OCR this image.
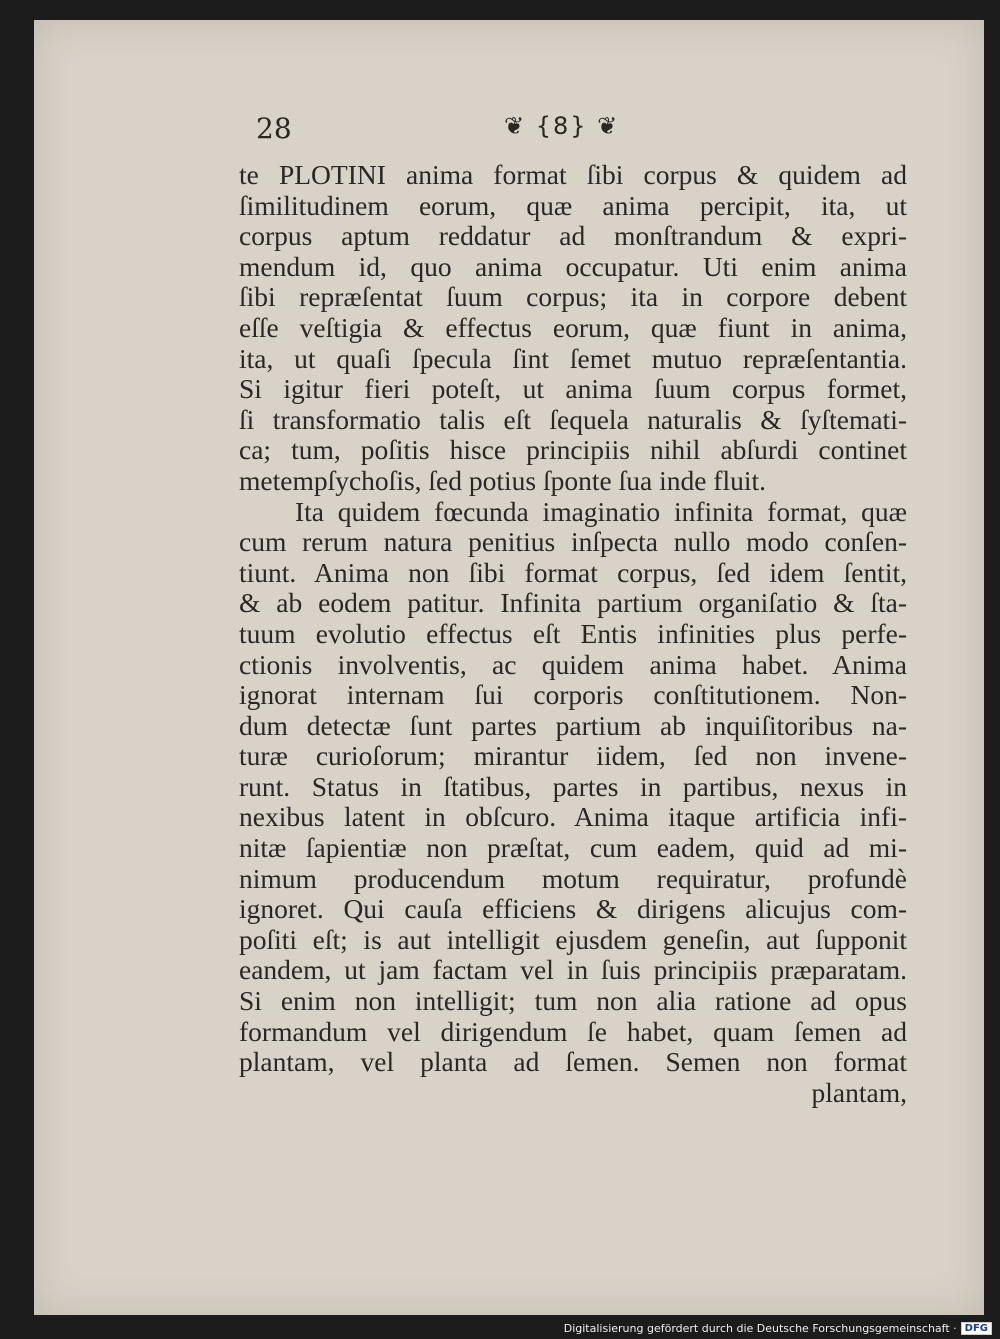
28	❦ {8} ❦

te PLOTINI anima format ſibi corpus & quidem ad

ſimilitudinem eorum, quæ anima percipit, ita, ut

corpus aptum reddatur ad monſtrandum & expri-

mendum id, quo anima occupatur. Uti enim anima

ſibi repræſentat ſuum corpus; ita in corpore debent

eſſe veſtigia & effectus eorum, quæ fiunt in anima,

ita, ut quaſi ſpecula ſint ſemet mutuo repræſentantia.

Si igitur fieri poteſt, ut anima ſuum corpus formet,

ſi transformatio talis eſt ſequela naturalis & ſyſtemati-

ca; tum, poſitis hisce principiis nihil abſurdi continet

metempſychoſis, ſed potius ſponte ſua inde fluit.

Ita quidem fœcunda imaginatio infinita format, quæ

cum rerum natura penitius inſpecta nullo modo conſen-

tiunt. Anima non ſibi format corpus, ſed idem ſentit,

& ab eodem patitur. Infinita partium organiſatio & ſta-

tuum evolutio effectus eſt Entis infinities plus perfe-

ctionis involventis, ac quidem anima habet. Anima

ignorat internam ſui corporis conſtitutionem. Non-

dum detectæ ſunt partes partium ab inquiſitoribus na-

turæ curioſorum; mirantur iidem, ſed non invene-

runt. Status in ſtatibus, partes in partibus, nexus in

nexibus latent in obſcuro. Anima itaque artificia infi-

nitæ ſapientiæ non præſtat, cum eadem, quid ad mi-

nimum producendum motum requiratur, profundè

ignoret. Qui cauſa efficiens & dirigens alicujus com-

poſiti eſt; is aut intelligit ejusdem geneſin, aut ſupponit

eandem, ut jam factam vel in ſuis principiis præparatam.

Si enim non intelligit; tum non alia ratione ad opus

formandum vel dirigendum ſe habet, quam ſemen ad

plantam, vel planta ad ſemen. Semen non format

plantam,

Digitalisierung gefördert durch die Deutsche Forschungsgemeinschaft · DFG
